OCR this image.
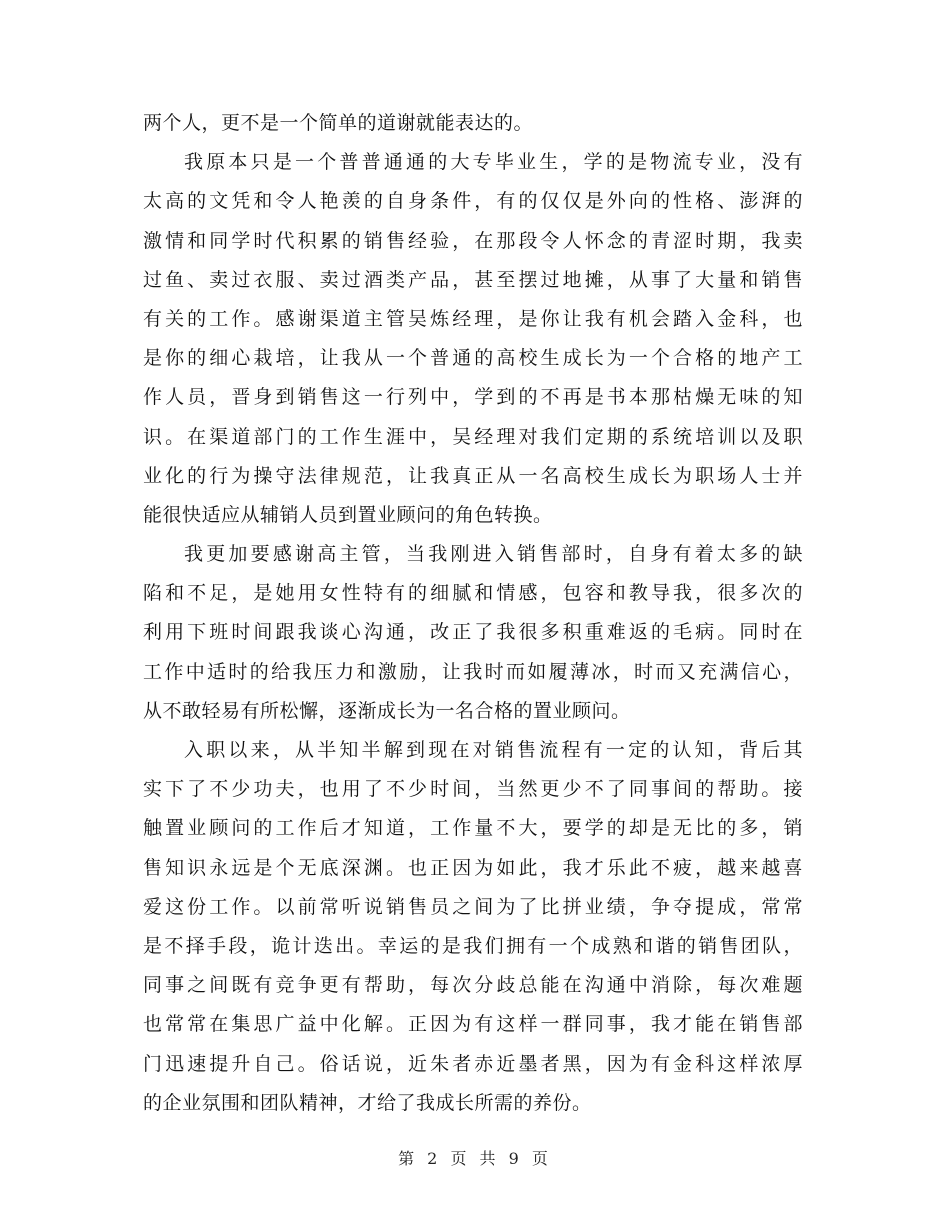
两个人，更不是一个简单的道谢就能表达的。
我原本只是一个普普通通的大专毕业生，学的是物流专业，没有
太高的文凭和令人艳羡的自身条件，有的仅仅是外向的性格、澎湃的
激情和同学时代积累的销售经验，在那段令人怀念的青涩时期，我卖
过鱼、卖过衣服、卖过酒类产品，甚至摆过地摊，从事了大量和销售
有关的工作。感谢渠道主管吴炼经理，是你让我有机会踏入金科，也
是你的细心栽培，让我从一个普通的高校生成长为一个合格的地产工
作人员，晋身到销售这一行列中，学到的不再是书本那枯燥无味的知
识。在渠道部门的工作生涯中，吴经理对我们定期的系统培训以及职
业化的行为操守法律规范，让我真正从一名高校生成长为职场人士并
能很快适应从辅销人员到置业顾问的角色转换。
我更加要感谢高主管，当我刚进入销售部时，自身有着太多的缺
陷和不足，是她用女性特有的细腻和情感，包容和教导我，很多次的
利用下班时间跟我谈心沟通，改正了我很多积重难返的毛病。同时在
工作中适时的给我压力和激励，让我时而如履薄冰，时而又充满信心，
从不敢轻易有所松懈，逐渐成长为一名合格的置业顾问。
入职以来，从半知半解到现在对销售流程有一定的认知，背后其
实下了不少功夫，也用了不少时间，当然更少不了同事间的帮助。接
触置业顾问的工作后才知道，工作量不大，要学的却是无比的多，销
售知识永远是个无底深渊。也正因为如此，我才乐此不疲，越来越喜
爱这份工作。以前常听说销售员之间为了比拼业绩，争夺提成，常常
是不择手段，诡计迭出。幸运的是我们拥有一个成熟和谐的销售团队，
同事之间既有竞争更有帮助，每次分歧总能在沟通中消除，每次难题
也常常在集思广益中化解。正因为有这样一群同事，我才能在销售部
门迅速提升自己。俗话说，近朱者赤近墨者黑，因为有金科这样浓厚
的企业氛围和团队精神，才给了我成长所需的养份。
第 2 页 共 9 页
